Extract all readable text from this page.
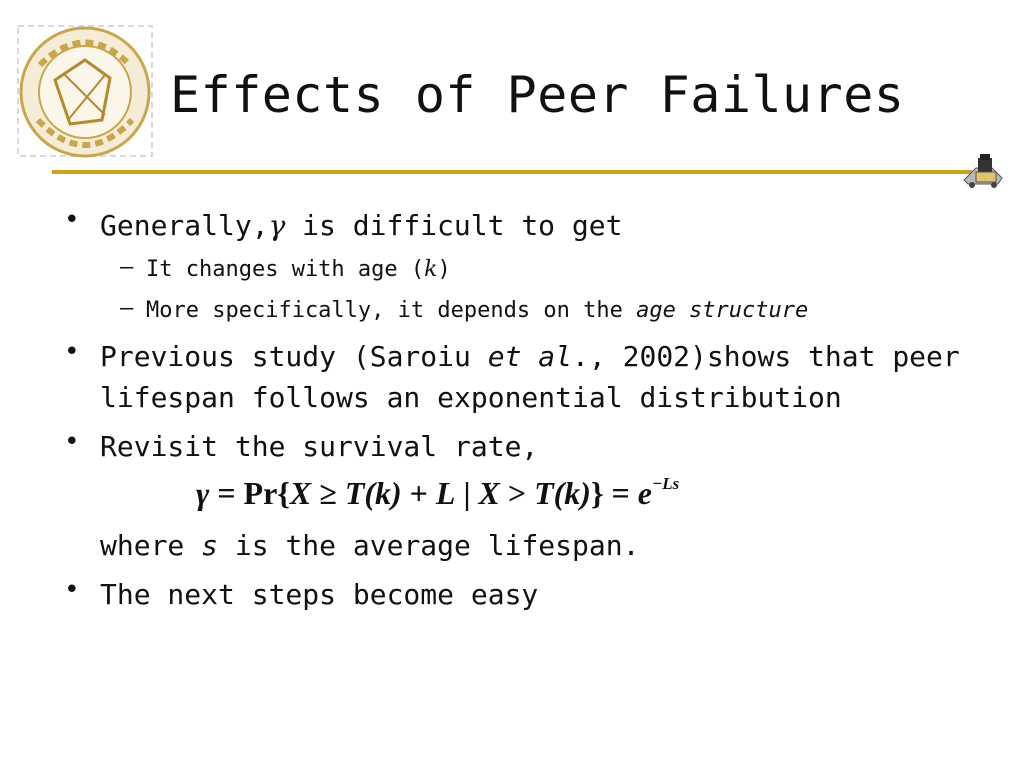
Effects of Peer Failures
• Generally,γ is difficult to get
– It changes with age (k)
– More specifically, it depends on the age structure
• Previous study (Saroiu et al., 2002)shows that peer
lifespan follows an exponential distribution
• Revisit the survival rate,
γ = Pr{X ≥ T(k) + L | $X > T(k)\} = e^{-Ls}$
where s is the average lifespan.
• The next steps become easy
